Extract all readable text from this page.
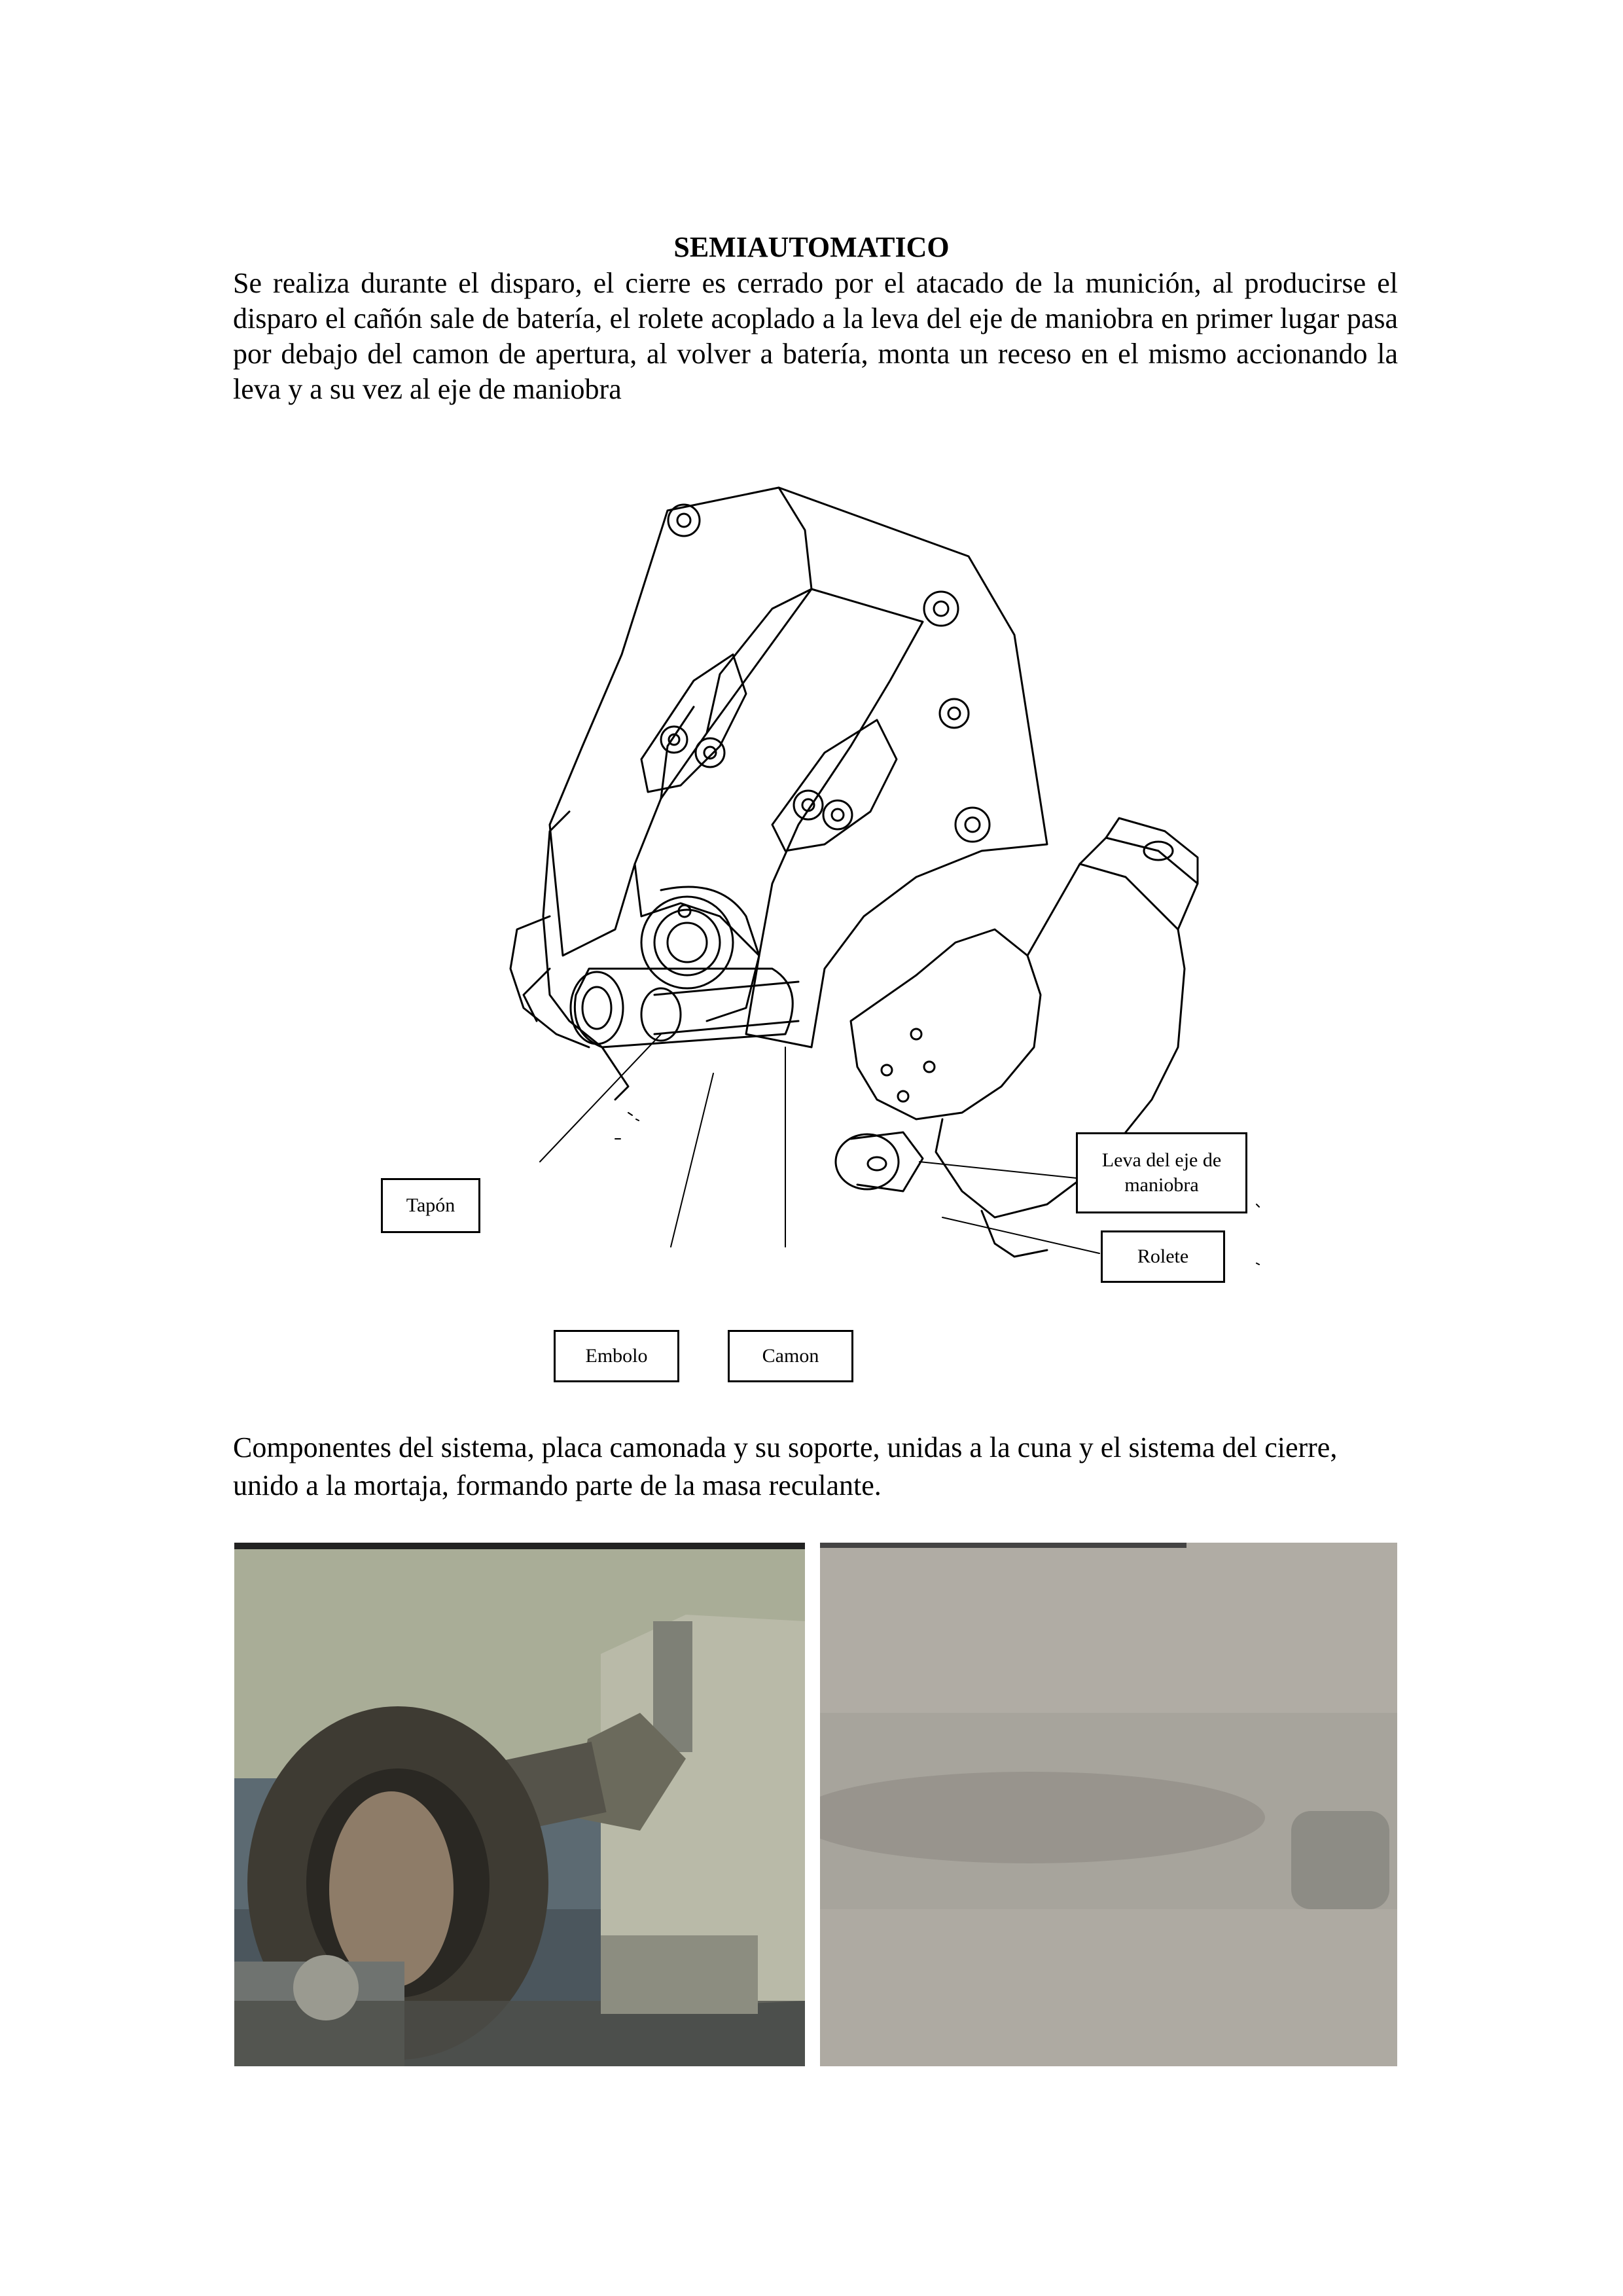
SEMIAUTOMATICO

Se realiza durante el disparo, el cierre es cerrado por el atacado de la munición, al producirse el disparo el cañón sale de batería, el rolete acoplado a la leva del eje de maniobra en primer lugar pasa por debajo del camon de apertura, al volver a batería, monta un receso en el mismo accionando la leva y a su vez al eje de maniobra

Tapón
Embolo	Camon
Leva del eje de maniobra
Rolete

Componentes del sistema, placa camonada y su soporte, unidas a la cuna y el sistema del cierre, unido a la mortaja, formando parte de la masa reculante.
